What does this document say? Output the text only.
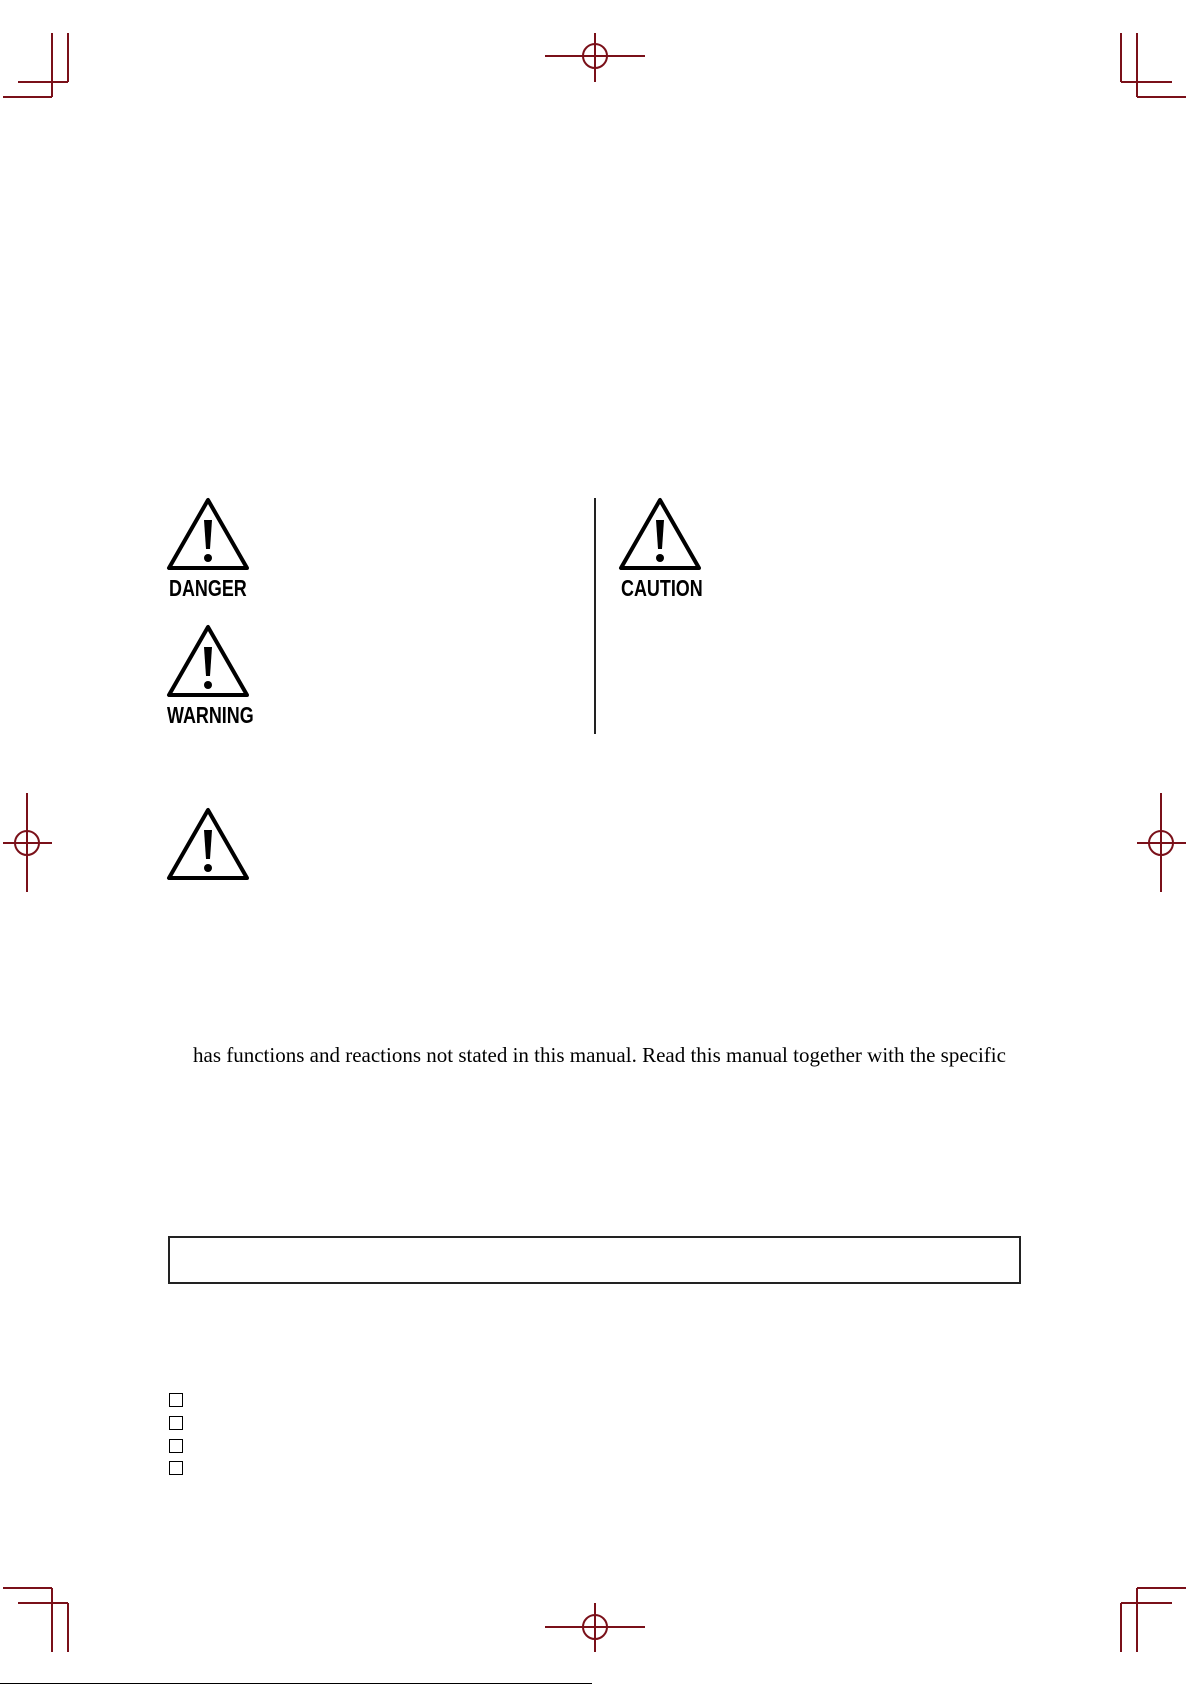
DANGER
WARNING
CAUTION
has functions and reactions not stated in this manual. Read this manual together with the specific
